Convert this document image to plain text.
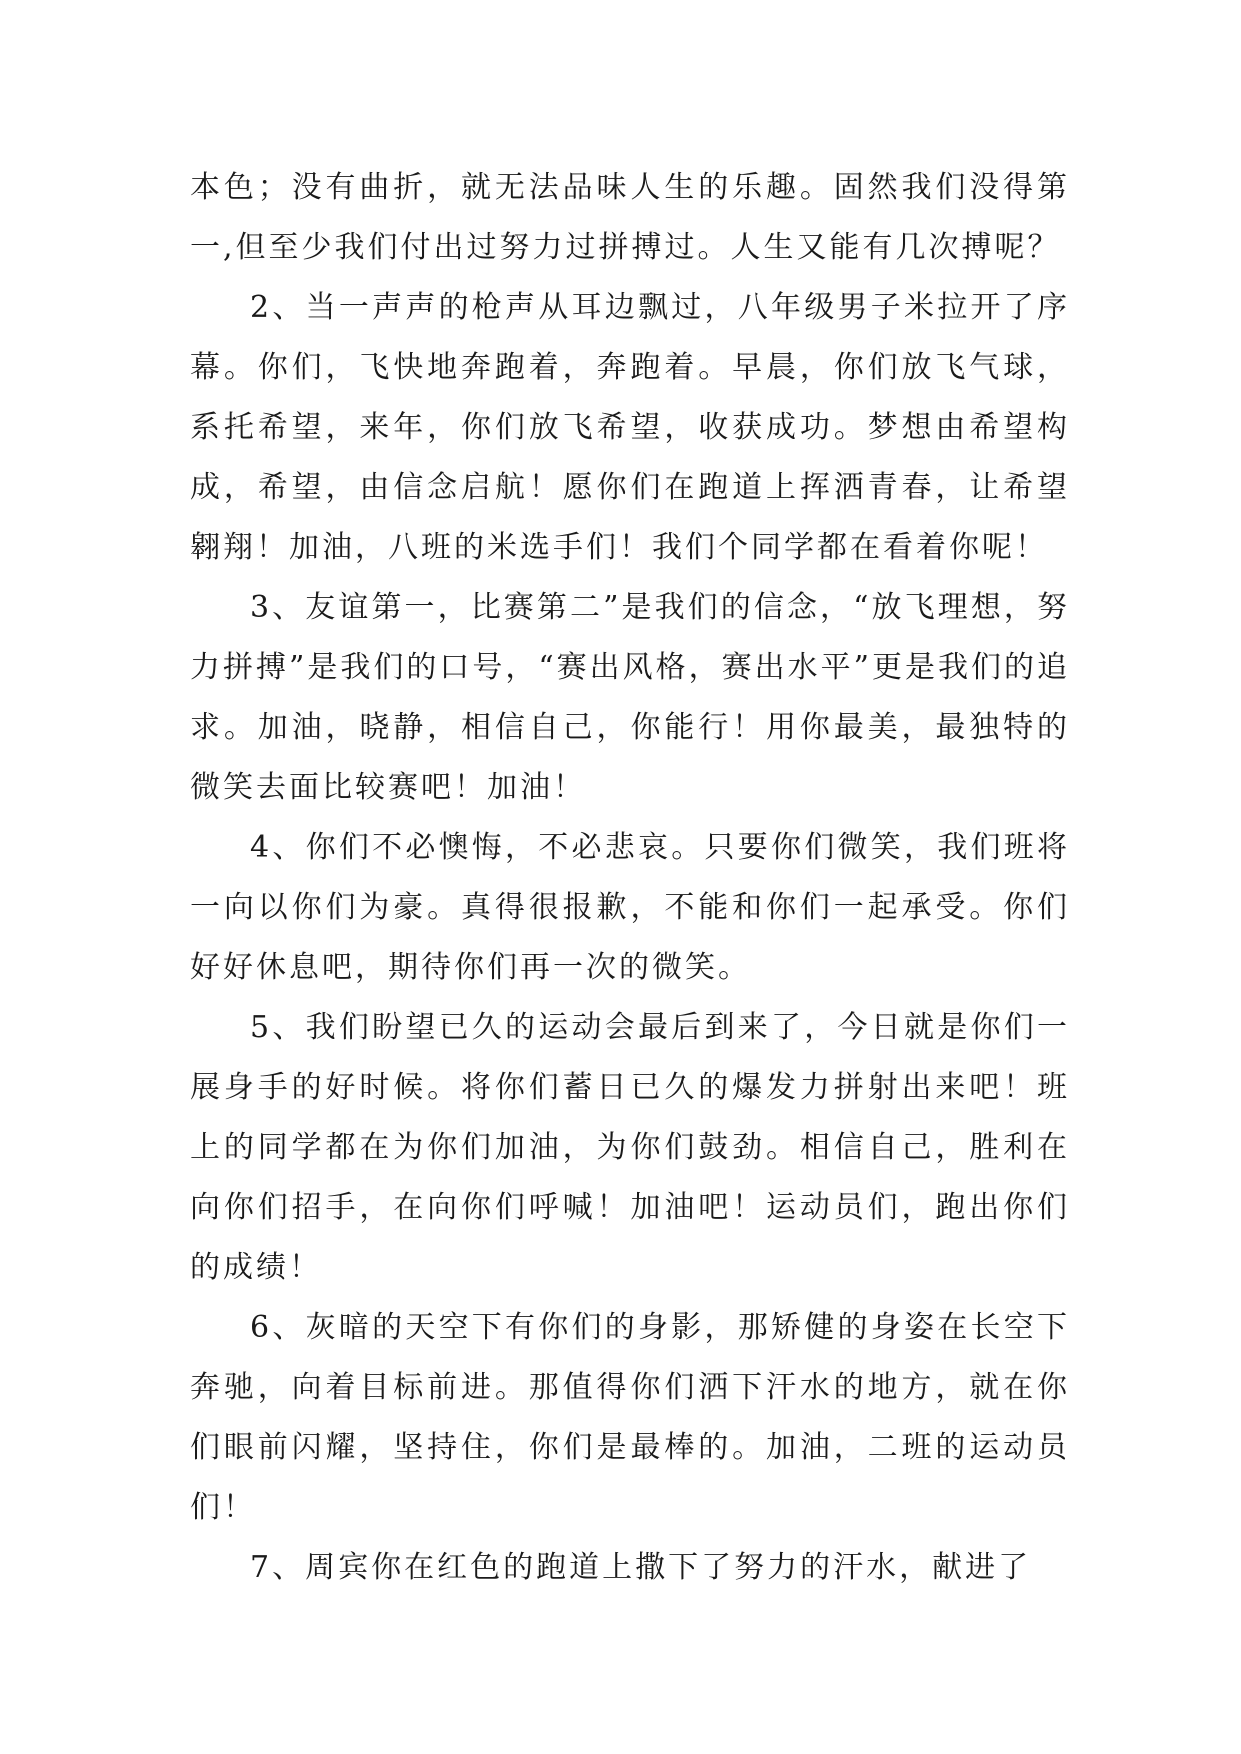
本色；没有曲折，就无法品味人生的乐趣。固然我们没得第一,但至少我们付出过努力过拼搏过。人生又能有几次搏呢？

2、当一声声的枪声从耳边飘过，八年级男子米拉开了序幕。你们，飞快地奔跑着，奔跑着。早晨，你们放飞气球，系托希望，来年，你们放飞希望，收获成功。梦想由希望构成，希望，由信念启航！愿你们在跑道上挥洒青春，让希望翱翔！加油，八班的米选手们！我们个同学都在看着你呢！

3、友谊第一，比赛第二”是我们的信念，“放飞理想，努力拼搏”是我们的口号，“赛出风格，赛出水平”更是我们的追求。加油，晓静，相信自己，你能行！用你最美，最独特的微笑去面比较赛吧！加油！

4、你们不必懊悔，不必悲哀。只要你们微笑，我们班将一向以你们为豪。真得很报歉，不能和你们一起承受。你们好好休息吧，期待你们再一次的微笑。

5、我们盼望已久的运动会最后到来了，今日就是你们一展身手的好时候。将你们蓄日已久的爆发力拼射出来吧！班上的同学都在为你们加油，为你们鼓劲。相信自己，胜利在向你们招手，在向你们呼喊！加油吧！运动员们，跑出你们的成绩！

6、灰暗的天空下有你们的身影，那矫健的身姿在长空下奔驰，向着目标前进。那值得你们洒下汗水的地方，就在你们眼前闪耀，坚持住，你们是最棒的。加油，二班的运动员们！

7、周宾你在红色的跑道上撒下了努力的汗水，献进了
